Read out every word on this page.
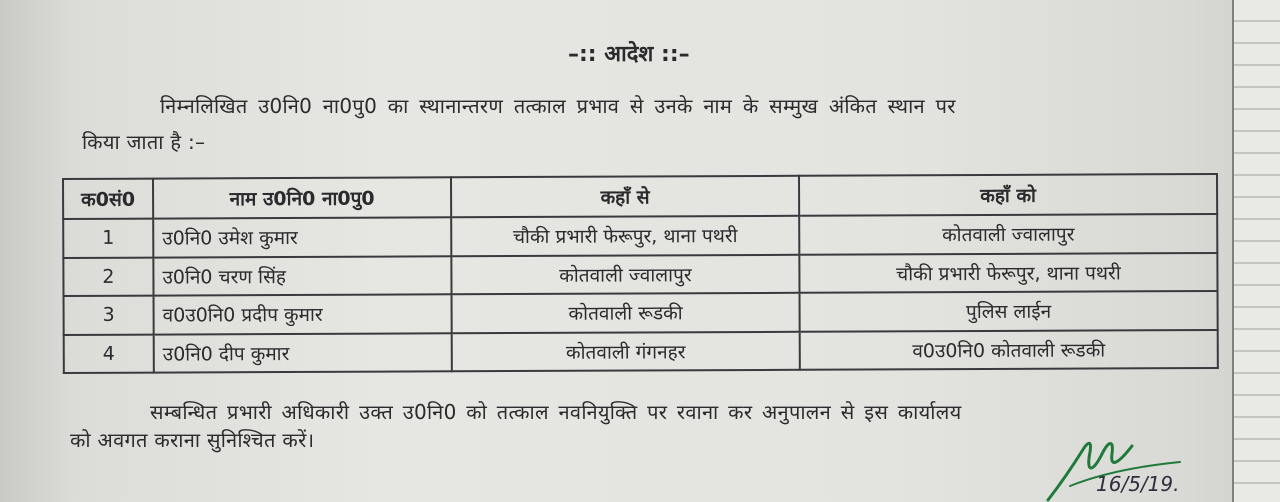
–:: आदेश ::–
निम्नलिखित उ0नि0 ना0पु0 का स्थानान्तरण तत्काल प्रभाव से उनके नाम के सम्मुख अंकित स्थान पर
किया जाता है :–
क0सं0	नाम उ0नि0 ना0पु0	कहॉं से	कहॉं को
1	उ0नि0 उमेश कुमार	चौकी प्रभारी फेरूपुर, थाना पथरी	कोतवाली ज्वालापुर
2	उ0नि0 चरण सिंह	कोतवाली ज्वालापुर	चौकी प्रभारी फेरूपुर, थाना पथरी
3	व0उ0नि0 प्रदीप कुमार	कोतवाली रूडकी	पुलिस लाईन
4	उ0नि0 दीप कुमार	कोतवाली गंगनहर	व0उ0नि0 कोतवाली रूडकी
सम्बन्धित प्रभारी अधिकारी उक्त उ0नि0 को तत्काल नवनियुक्ति पर रवाना कर अनुपालन से इस कार्यालय
को अवगत कराना सुनिश्चित करें।
16/5/19.
